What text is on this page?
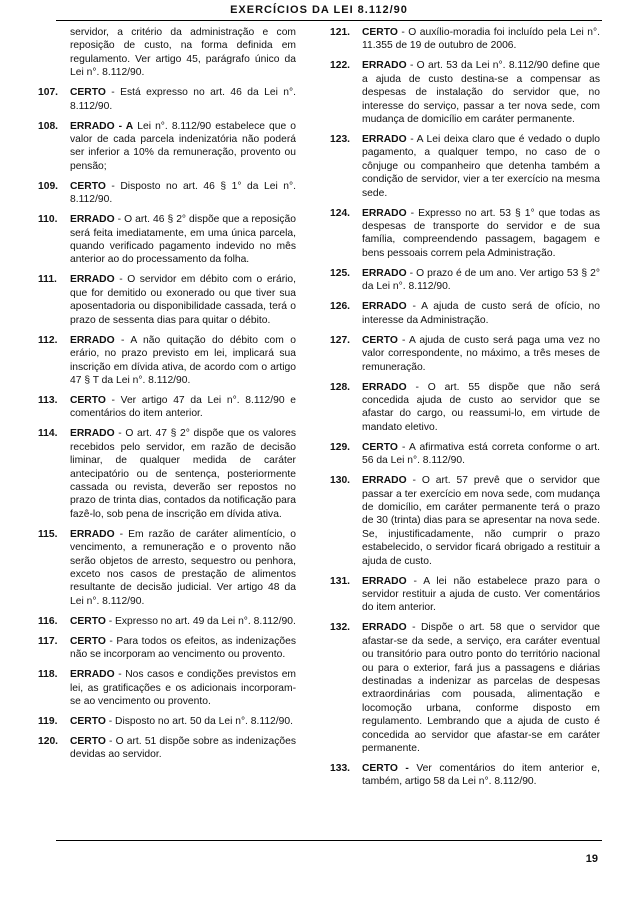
EXERCÍCIOS DA LEI 8.112/90
servidor, a critério da administração e com reposição de custo, na forma definida em regulamento. Ver artigo 45, parágrafo único da Lei n°. 8.112/90.
107.	CERTO - Está expresso no art. 46 da Lei n°. 8.112/90.
108.	ERRADO - A Lei n°. 8.112/90 estabelece que o valor de cada parcela indenizatória não poderá ser inferior a 10% da remuneração, provento ou pensão;
109.	CERTO - Disposto no art. 46 § 1° da Lei n°. 8.112/90.
110.	ERRADO - O art. 46 § 2° dispõe que a reposição será feita imediatamente, em uma única parcela, quando verificado pagamento indevido no mês anterior ao do processamento da folha.
111.	ERRADO - O servidor em débito com o erário, que for demitido ou exonerado ou que tiver sua aposentadoria ou disponibilidade cassada, terá o prazo de sessenta dias para quitar o débito.
112.	ERRADO - A não quitação do débito com o erário, no prazo previsto em lei, implicará sua inscrição em dívida ativa, de acordo com o artigo 47 § T da Lei n°. 8.112/90.
113.	CERTO - Ver artigo 47 da Lei n°. 8.112/90 e comentários do item anterior.
114.	ERRADO - O art. 47 § 2° dispõe que os valores recebidos pelo servidor, em razão de decisão liminar, de qualquer medida de caráter antecipatório ou de sentença, posteriormente cassada ou revista, deverão ser repostos no prazo de trinta dias, contados da notificação para fazê-lo, sob pena de inscrição em dívida ativa.
115.	ERRADO - Em razão de caráter alimentício, o vencimento, a remuneração e o provento não serão objetos de arresto, sequestro ou penhora, exceto nos casos de prestação de alimentos resultante de decisão judicial. Ver artigo 48 da Lei n°. 8.112/90.
116.	CERTO - Expresso no art. 49 da Lei n°. 8.112/90.
117.	CERTO - Para todos os efeitos, as indenizações não se incorporam ao vencimento ou provento.
118.	ERRADO - Nos casos e condições previstos em lei, as gratificações e os adicionais incorporam-se ao vencimento ou provento.
119.	CERTO - Disposto no art. 50 da Lei n°. 8.112/90.
120.	CERTO - O art. 51 dispõe sobre as indenizações devidas ao servidor.
121.	CERTO - O auxílio-moradia foi incluído pela Lei n°. 11.355 de 19 de outubro de 2006.
122.	ERRADO - O art. 53 da Lei n°. 8.112/90 define que a ajuda de custo destina-se a compensar as despesas de instalação do servidor que, no interesse do serviço, passar a ter nova sede, com mudança de domicílio em caráter permanente.
123.	ERRADO - A Lei deixa claro que é vedado o duplo pagamento, a qualquer tempo, no caso de o cônjuge ou companheiro que detenha também a condição de servidor, vier a ter exercício na mesma sede.
124.	ERRADO - Expresso no art. 53 § 1° que todas as despesas de transporte do servidor e de sua família, compreendendo passagem, bagagem e bens pessoais correm pela Administração.
125.	ERRADO - O prazo é de um ano. Ver artigo 53 § 2° da Lei n°. 8.112/90.
126.	ERRADO - A ajuda de custo será de ofício, no interesse da Administração.
127.	CERTO - A ajuda de custo será paga uma vez no valor correspondente, no máximo, a três meses de remuneração.
128.	ERRADO - O art. 55 dispõe que não será concedida ajuda de custo ao servidor que se afastar do cargo, ou reassumi-lo, em virtude de mandato eletivo.
129.	CERTO - A afirmativa está correta conforme o art. 56 da Lei n°. 8.112/90.
130.	ERRADO - O art. 57 prevê que o servidor que passar a ter exercício em nova sede, com mudança de domicílio, em caráter permanente terá o prazo de 30 (trinta) dias para se apresentar na nova sede. Se, injustificadamente, não cumprir o prazo estabelecido, o servidor ficará obrigado a restituir a ajuda de custo.
131.	ERRADO - A lei não estabelece prazo para o servidor restituir a ajuda de custo. Ver comentários do item anterior.
132.	ERRADO - Dispõe o art. 58 que o servidor que afastar-se da sede, a serviço, era caráter eventual ou transitório para outro ponto do território nacional ou para o exterior, fará jus a passagens e diárias destinadas a indenizar as parcelas de despesas extraordinárias com pousada, alimentação e locomoção urbana, conforme disposto em regulamento. Lembrando que a ajuda de custo é concedida ao servidor que afastar-se em caráter permanente.
133.	CERTO - Ver comentários do item anterior e, também, artigo 58 da Lei n°. 8.112/90.
19
